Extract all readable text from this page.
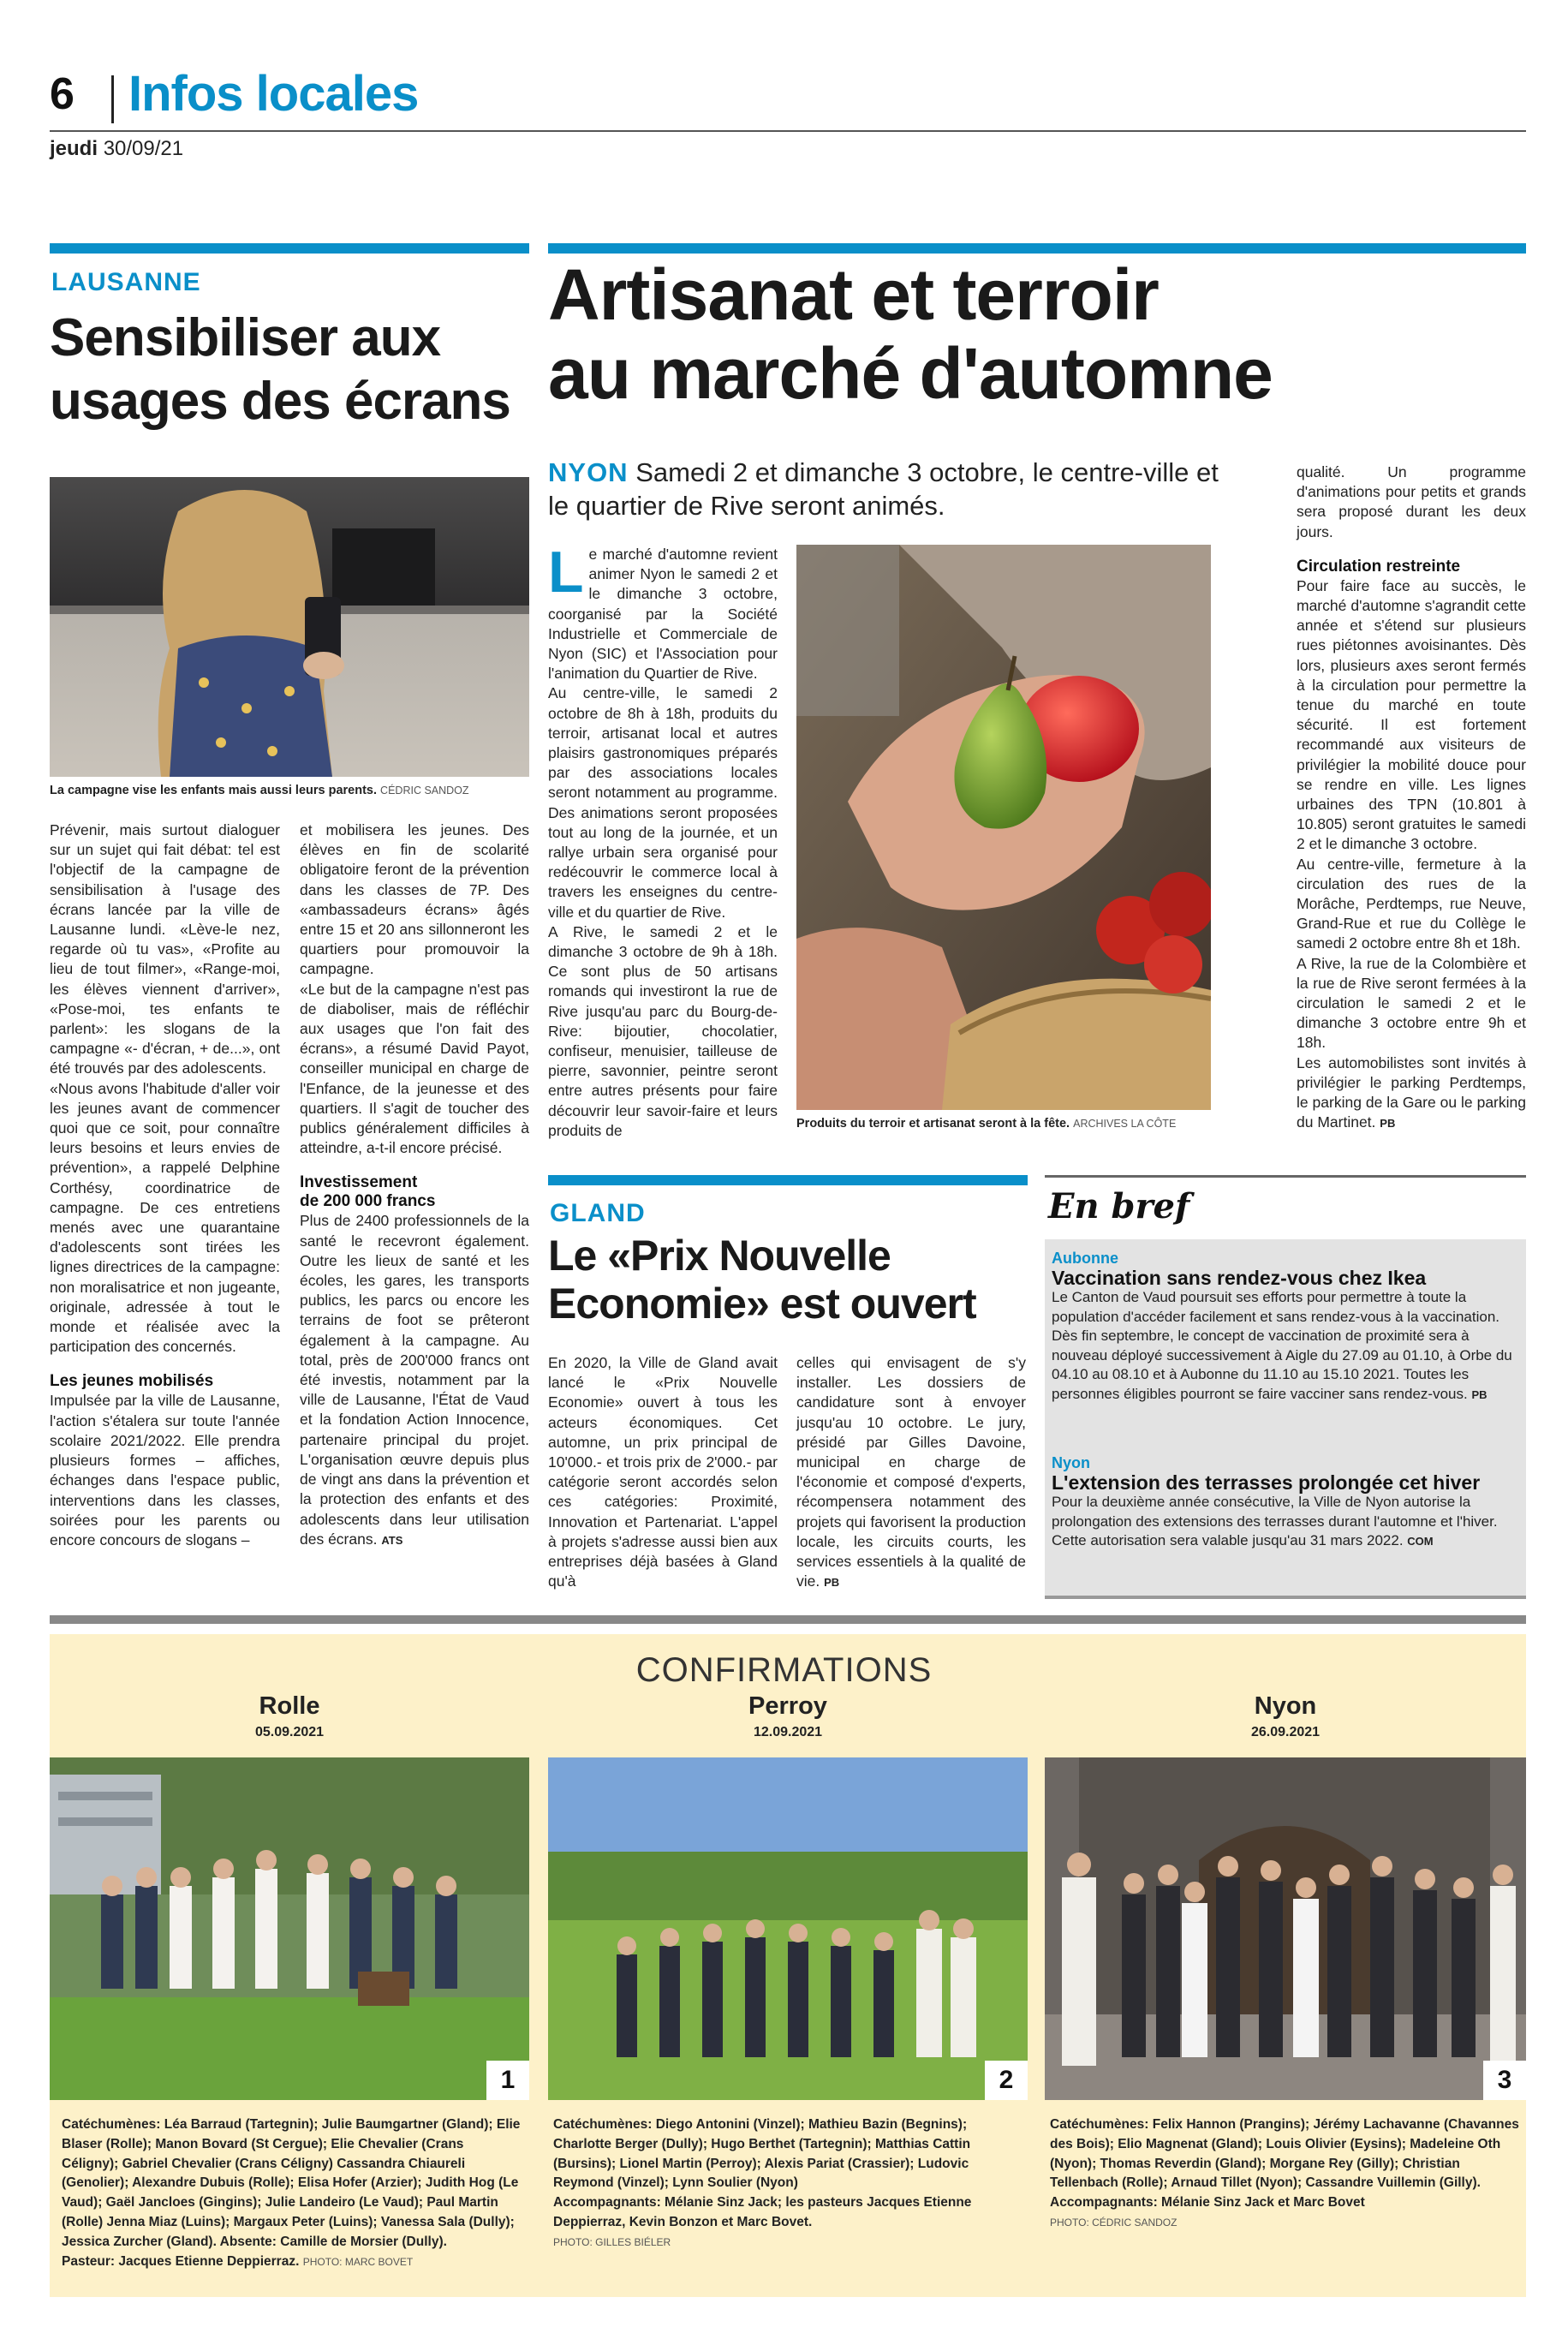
6 Infos locales
jeudi 30/09/21
LAUSANNE
Sensibiliser aux
usages des écrans
La campagne vise les enfants mais aussi leurs parents. CÉDRIC SANDOZ

Prévenir, mais surtout dialoguer sur un sujet qui fait débat: tel est l'objectif de la campagne de sensibilisation à l'usage des écrans lancée par la ville de Lausanne lundi. «Lève-le nez, regarde où tu vas», «Profite au lieu de tout filmer», «Range-moi, les élèves viennent d'arriver», «Pose-moi, tes enfants te parlent»: les slogans de la campagne «- d'écran, + de...», ont été trouvés par des adolescents.

«Nous avons l'habitude d'aller voir les jeunes avant de commencer quoi que ce soit, pour connaître leurs besoins et leurs envies de prévention», a rappelé Delphine Corthésy, coordinatrice de campagne. De ces entretiens menés avec une quarantaine d'adolescents sont tirées les lignes directrices de la campagne: non moralisatrice et non jugeante, originale, adressée à tout le monde et réalisée avec la participation des concernés.

Les jeunes mobilisés

Impulsée par la ville de Lausanne, l'action s'étalera sur toute l'année scolaire 2021/2022. Elle prendra plusieurs formes – affiches, échanges dans l'espace public, interventions dans les classes, soirées pour les parents ou encore concours de slogans –

et mobilisera les jeunes. Des élèves en fin de scolarité obligatoire feront de la prévention dans les classes de 7P. Des «ambassadeurs écrans» âgés entre 15 et 20 ans sillonneront les quartiers pour promouvoir la campagne.

«Le but de la campagne n'est pas de diaboliser, mais de réfléchir aux usages que l'on fait des écrans», a résumé David Payot, conseiller municipal en charge de l'Enfance, de la jeunesse et des quartiers. Il s'agit de toucher des publics généralement difficiles à atteindre, a-t-il encore précisé.

Investissement
de 200 000 francs

Plus de 2400 professionnels de la santé le recevront également. Outre les lieux de santé et les écoles, les gares, les transports publics, les parcs ou encore les terrains de foot se prêteront également à la campagne. Au total, près de 200'000 francs ont été investis, notamment par la ville de Lausanne, l'État de Vaud et la fondation Action Innocence, partenaire principal du projet. L'organisation œuvre depuis plus de vingt ans dans la prévention et la protection des enfants et des adolescents dans leur utilisation des écrans. ATS

Artisanat et terroir
au marché d'automne
NYON Samedi 2 et dimanche 3 octobre, le centre-ville et le quartier de Rive seront animés.

Le marché d'automne revient animer Nyon le samedi 2 et le dimanche 3 octobre, coorganisé par la Société Industrielle et Commerciale de Nyon (SIC) et l'Association pour l'animation du Quartier de Rive.

Au centre-ville, le samedi 2 octobre de 8h à 18h, produits du terroir, artisanat local et autres plaisirs gastronomiques préparés par des associations locales seront notamment au programme. Des animations seront proposées tout au long de la journée, et un rallye urbain sera organisé pour redécouvrir le commerce local à travers les enseignes du centre-ville et du quartier de Rive.

A Rive, le samedi 2 et le dimanche 3 octobre de 9h à 18h. Ce sont plus de 50 artisans romands qui investiront la rue de Rive jusqu'au parc du Bourg-de-Rive: bijoutier, chocolatier, confiseur, menuisier, tailleuse de pierre, savonnier, peintre seront entre autres présents pour faire découvrir leur savoir-faire et leurs produits de	Produits du terroir et artisanat seront à la fête. ARCHIVES LA CÔTE

qualité. Un programme d'animations pour petits et grands sera proposé durant les deux jours.

Circulation restreinte

Pour faire face au succès, le marché d'automne s'agrandit cette année et s'étend sur plusieurs rues piétonnes avoisinantes. Dès lors, plusieurs axes seront fermés à la circulation pour permettre la tenue du marché en toute sécurité. Il est fortement recommandé aux visiteurs de privilégier la mobilité douce pour se rendre en ville. Les lignes urbaines des TPN (10.801 à 10.805) seront gratuites le samedi 2 et le dimanche 3 octobre.

Au centre-ville, fermeture à la circulation des rues de la Morâche, Perdtemps, rue Neuve, Grand-Rue et rue du Collège le samedi 2 octobre entre 8h et 18h.

A Rive, la rue de la Colombière et la rue de Rive seront fermées à la circulation le samedi 2 et le dimanche 3 octobre entre 9h et 18h.

Les automobilistes sont invités à privilégier le parking Perdtemps, le parking de la Gare ou le parking du Martinet. PB

GLAND
Le «Prix Nouvelle
Economie» est ouvert

En 2020, la Ville de Gland avait lancé le «Prix Nouvelle Economie» ouvert à tous les acteurs économiques. Cet automne, un prix principal de 10'000.- et trois prix de 2'000.- par catégorie seront accordés selon ces catégories: Proximité, Innovation et Partenariat. L'appel à projets s'adresse aussi bien aux entreprises déjà basées à Gland qu'à

celles qui envisagent de s'y installer. Les dossiers de candidature sont à envoyer jusqu'au 10 octobre. Le jury, présidé par Gilles Davoine, municipal en charge de l'économie et composé d'experts, récompensera notamment des projets qui favorisent la production locale, les circuits courts, les services essentiels à la qualité de vie. PB

En bref
Aubonne
Vaccination sans rendez-vous chez Ikea
Le Canton de Vaud poursuit ses efforts pour permettre à toute la population d'accéder facilement et sans rendez-vous à la vaccination. Dès fin septembre, le concept de vaccination de proximité sera à nouveau déployé successivement à Aigle du 27.09 au 01.10, à Orbe du 04.10 au 08.10 et à Aubonne du 11.10 au 15.10 2021. Toutes les personnes éligibles pourront se faire vacciner sans rendez-vous. PB
Nyon
L'extension des terrasses prolongée cet hiver
Pour la deuxième année consécutive, la Ville de Nyon autorise la prolongation des extensions des terrasses durant l'automne et l'hiver. Cette autorisation sera valable jusqu'au 31 mars 2022. COM
CONFIRMATIONS
Rolle
05.09.2021
1
Catéchumènes: Léa Barraud (Tartegnin); Julie Baumgartner (Gland); Elie Blaser (Rolle); Manon Bovard (St Cergue); Elie Chevalier (Crans Céligny); Gabriel Chevalier (Crans Céligny) Cassandra Chiaureli (Genolier); Alexandre Dubuis (Rolle); Elisa Hofer (Arzier); Judith Hog (Le Vaud); Gaël Jancloes (Gingins); Julie Landeiro (Le Vaud); Paul Martin (Rolle) Jenna Miaz (Luins); Margaux Peter (Luins); Vanessa Sala (Dully); Jessica Zurcher (Gland). Absente: Camille de Morsier (Dully).
Pasteur: Jacques Etienne Deppierraz. PHOTO: MARC BOVET
Perroy
12.09.2021
2
Catéchumènes: Diego Antonini (Vinzel); Mathieu Bazin (Begnins); Charlotte Berger (Dully); Hugo Berthet (Tartegnin); Matthias Cattin (Bursins); Lionel Martin (Perroy); Alexis Pariat (Crassier); Ludovic Reymond (Vinzel); Lynn Soulier (Nyon)
Accompagnants: Mélanie Sinz Jack; les pasteurs Jacques Etienne Deppierraz, Kevin Bonzon et Marc Bovet.
PHOTO: GILLES BIÉLER
Nyon
26.09.2021
3
Catéchumènes: Felix Hannon (Prangins); Jérémy Lachavanne (Chavannes des Bois); Elio Magnenat (Gland); Louis Olivier (Eysins); Madeleine Oth (Nyon); Thomas Reverdin (Gland); Morgane Rey (Gilly); Christian Tellenbach (Rolle); Arnaud Tillet (Nyon); Cassandre Vuillemin (Gilly).
Accompagnants: Mélanie Sinz Jack et Marc Bovet
PHOTO: CÉDRIC SANDOZ
